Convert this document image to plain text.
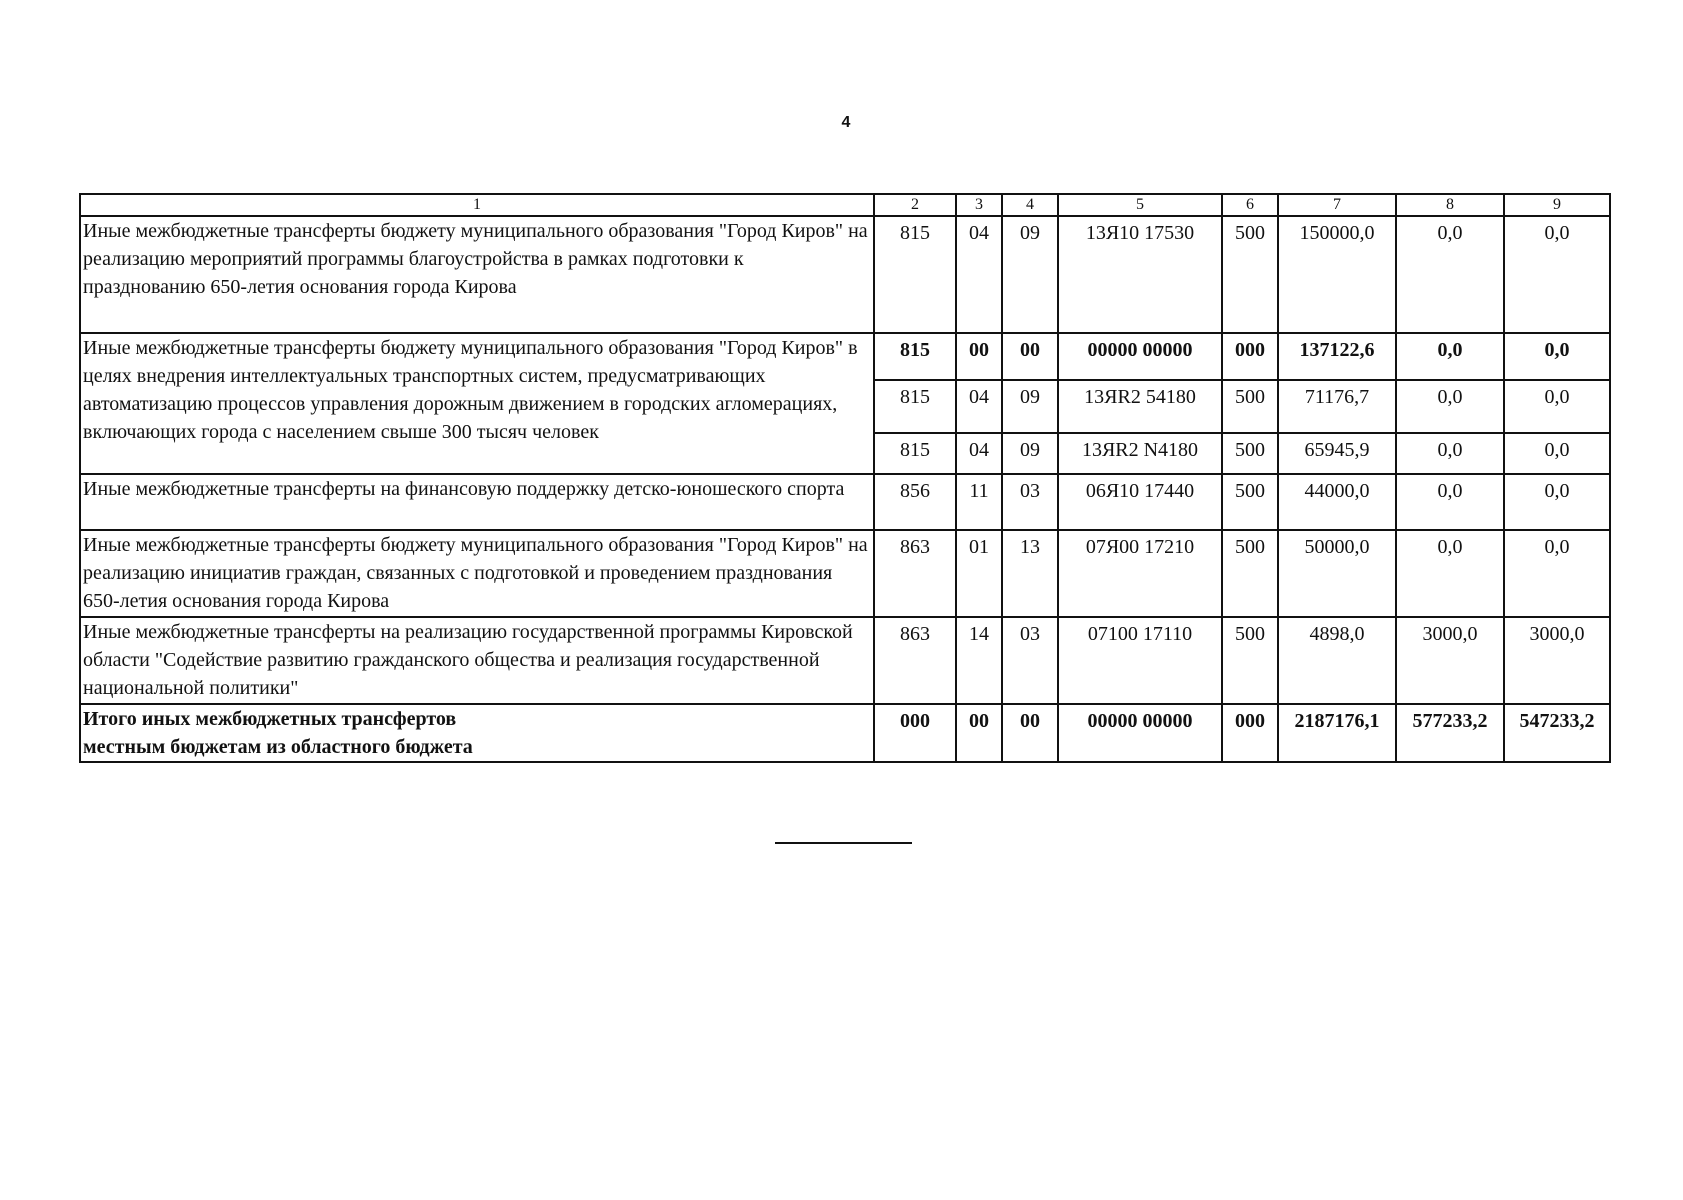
4
1	2	3	4	5	6	7	8	9
Иные межбюджетные трансферты бюджету муниципального образования "Город Киров" на реализацию мероприятий программы благоустройства в рамках подготовки к празднованию 650-летия основания города Кирова	815	04	09	13Я10 17530	500	150000,0	0,0	0,0
Иные межбюджетные трансферты бюджету муниципального образования "Город Киров" в целях внедрения интеллектуальных транспортных систем, предусматривающих автоматизацию процессов управления дорожным движением в городских агломерациях, включающих города с населением свыше 300 тысяч человек	815	00	00	00000 00000	000	137122,6	0,0	0,0
	815	04	09	13ЯR2 54180	500	71176,7	0,0	0,0
	815	04	09	13ЯR2 N4180	500	65945,9	0,0	0,0
Иные межбюджетные трансферты на финансовую поддержку детско-юношеского спорта	856	11	03	06Я10 17440	500	44000,0	0,0	0,0
Иные межбюджетные трансферты бюджету муниципального образования "Город Киров" на реализацию инициатив граждан, связанных с подготовкой и проведением празднования 650-летия основания города Кирова	863	01	13	07Я00 17210	500	50000,0	0,0	0,0
Иные межбюджетные трансферты на реализацию государственной программы Кировской области "Содействие развитию гражданского общества и реализация государственной национальной политики"	863	14	03	07100 17110	500	4898,0	3000,0	3000,0

Итого иных межбюджетных трансфертов
местным бюджетам из областного бюджета	000	00	00	00000 00000	000	2187176,1	577233,2	547233,2
